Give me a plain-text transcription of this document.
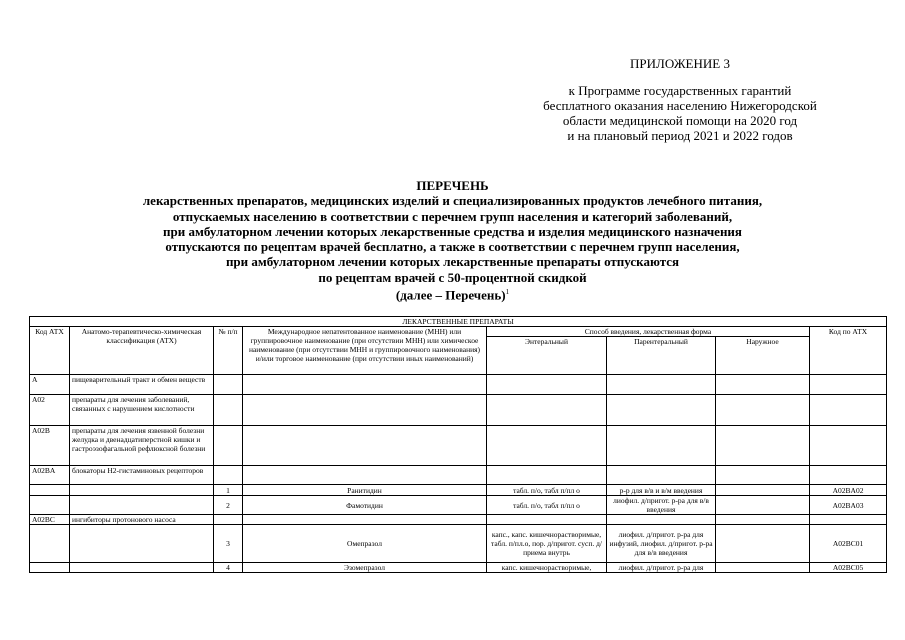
ПРИЛОЖЕНИЕ 3
к Программе государственных гарантий
бесплатного оказания населению Нижегородской
области медицинской помощи на 2020 год
и на плановый период 2021 и 2022 годов
ПЕРЕЧЕНЬ
лекарственных препаратов, медицинских изделий и специализированных продуктов лечебного питания,
отпускаемых населению в соответствии с перечнем групп населения и категорий заболеваний,
при амбулаторном лечении которых лекарственные средства и изделия медицинского назначения
отпускаются по рецептам врачей бесплатно, а также в соответствии с перечнем групп населения,
при амбулаторном лечении которых лекарственные препараты отпускаются
по рецептам врачей с 50-процентной скидкой
(далее – Перечень)$^1$
ЛЕКАРСТВЕННЫЕ ПРЕПАРАТЫ							
Код АТХ	Анатомо-терапевтическо-химическая классификация (АТХ)	№ п/п	Международное непатентованное наименование (МНН) или группировочное наименование (при отсутствии МНН) или химическое наименование (при отсутствии МНН и группировочного наименования) и/или торговое наименование (при отсутствии иных наименований)	Способ введения, лекарственная форма			Код по АТХ
				Энтеральный	Парентеральный	Наружное	
A	пищеварительный тракт и обмен веществ						
A02	препараты для лечения заболеваний, связанных с нарушением кислотности						
A02B	препараты для лечения язвенной болезни желудка и двенадцатиперстной кишки и гастроэзофагальной рефлюксной болезни						
A02BA	блокаторы H2-гистаминовых рецепторов						
		1	Ранитидин	табл. п/о, табл п/пл о	р-р для в/в и в/м введения		A02BA02
		2	Фамотидин	табл. п/о, табл п/пл о	лиофил. д/пригот. р-ра для в/в введения		A02BA03
A02BC	ингибиторы протонового насоса						
		3	Омепразол	капс., капс. кишечнорастворимые, табл. п/пл.о, пор. д/пригот. сусп. д/приема внутрь	лиофил. д/пригот. р-ра для инфузий, лиофил. д/пригот. р-ра для в/в введения		A02BC01
		4	Эзомепразол	капс. кишечнорастворимые,	лиофил. д/пригот. р-ра для		A02BC05
